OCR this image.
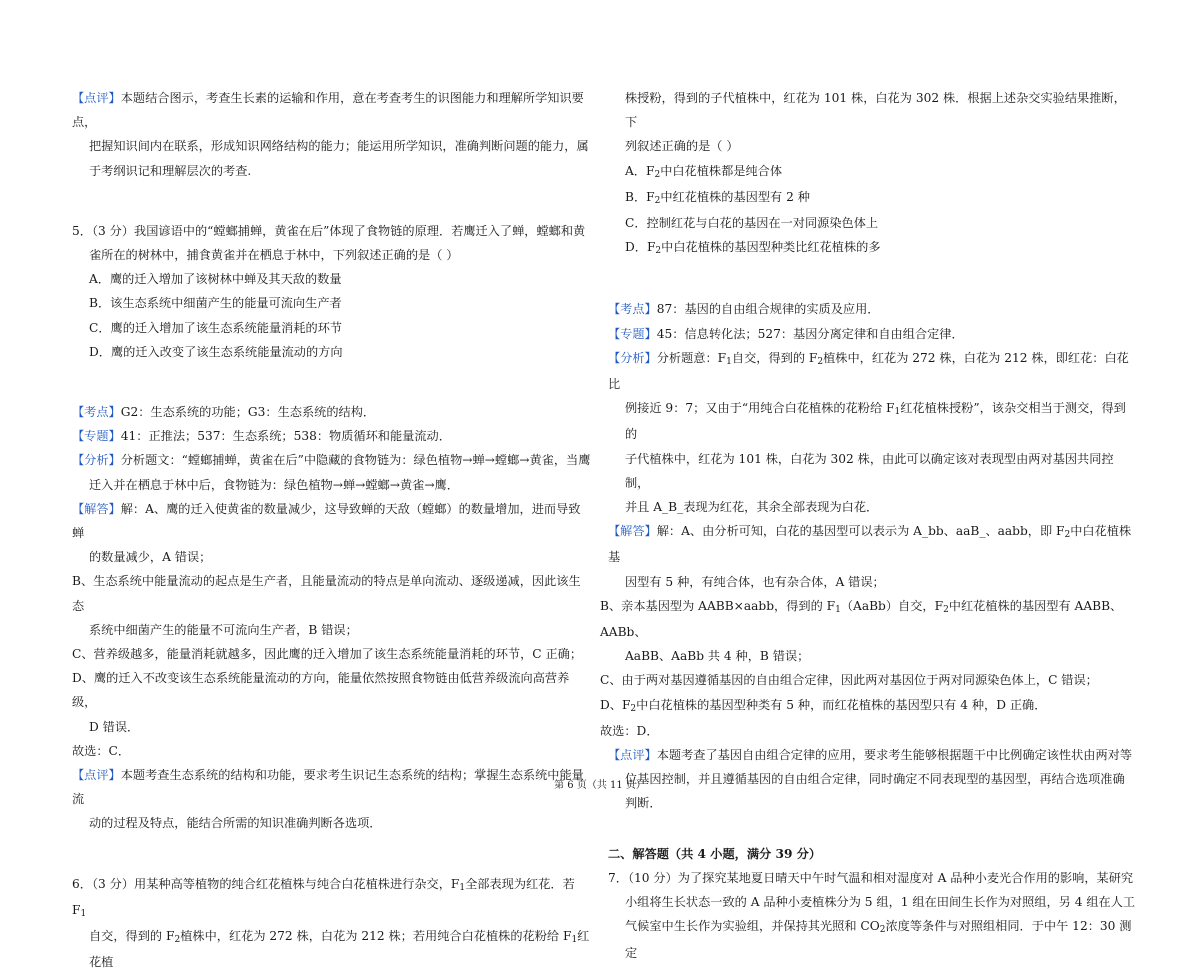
【点评】本题结合图示，考查生长素的运输和作用，意在考查考生的识图能力和理解所学知识要点，
把握知识间内在联系，形成知识网络结构的能力；能运用所学知识，准确判断问题的能力，属
于考纲识记和理解层次的考查.
5．（3 分）我国谚语中的“螳螂捕蝉，黄雀在后”体现了食物链的原理．若鹰迁入了蝉，螳螂和黄
雀所在的树林中，捕食黄雀并在栖息于林中，下列叙述正确的是（ ）
A．鹰的迁入增加了该树林中蝉及其天敌的数量
B．该生态系统中细菌产生的能量可流向生产者
C．鹰的迁入增加了该生态系统能量消耗的环节
D．鹰的迁入改变了该生态系统能量流动的方向
【考点】G2：生态系统的功能；G3：生态系统的结构．
【专题】41：正推法；537：生态系统；538：物质循环和能量流动．
【分析】分析题文：“螳螂捕蝉，黄雀在后”中隐藏的食物链为：绿色植物→蝉→螳螂→黄雀，当鹰
迁入并在栖息于林中后，食物链为：绿色植物→蝉→螳螂→黄雀→鹰．
【解答】解：A、鹰的迁入使黄雀的数量减少，这导致蝉的天敌（螳螂）的数量增加，进而导致蝉
的数量减少，A 错误；
B、生态系统中能量流动的起点是生产者，且能量流动的特点是单向流动、逐级递减，因此该生态
系统中细菌产生的能量不可流向生产者，B 错误；
C、营养级越多，能量消耗就越多，因此鹰的迁入增加了该生态系统能量消耗的环节，C 正确；
D、鹰的迁入不改变该生态系统能量流动的方向，能量依然按照食物链由低营养级流向高营养级，
D 错误．
故选：C．
【点评】本题考查生态系统的结构和功能，要求考生识记生态系统的结构；掌握生态系统中能量流
动的过程及特点，能结合所需的知识准确判断各选项．
6．（3 分）用某种高等植物的纯合红花植株与纯合白花植株进行杂交，F1全部表现为红花．若 F1
自交，得到的 F2植株中，红花为 272 株，白花为 212 株；若用纯合白花植株的花粉给 F1红花植
株授粉，得到的子代植株中，红花为 101 株，白花为 302 株．根据上述杂交实验结果推断，下
列叙述正确的是（ ）
A．F2中白花植株都是纯合体
B．F2中红花植株的基因型有 2 种
C．控制红花与白花的基因在一对同源染色体上
D．F2中白花植株的基因型种类比红花植株的多
【考点】87：基因的自由组合规律的实质及应用．
【专题】45：信息转化法；527：基因分离定律和自由组合定律．
【分析】分析题意：F1自交，得到的 F2植株中，红花为 272 株，白花为 212 株，即红花：白花比
例接近 9：7；又由于“用纯合白花植株的花粉给 F1红花植株授粉”，该杂交相当于测交，得到的
子代植株中，红花为 101 株，白花为 302 株，由此可以确定该对表现型由两对基因共同控制，
并且 A_B_表现为红花，其余全部表现为白花．
【解答】解：A、由分析可知，白花的基因型可以表示为 A_bb、aaB_、aabb，即 F2中白花植株基
因型有 5 种，有纯合体，也有杂合体，A 错误；
B、亲本基因型为 AABB×aabb，得到的 F1（AaBb）自交，F2中红花植株的基因型有 AABB、AABb、
AaBB、AaBb 共 4 种，B 错误；
C、由于两对基因遵循基因的自由组合定律，因此两对基因位于两对同源染色体上，C 错误；
D、F2中白花植株的基因型种类有 5 种，而红花植株的基因型只有 4 种，D 正确．
故选：D．
【点评】本题考查了基因自由组合定律的应用，要求考生能够根据题干中比例确定该性状由两对等
位基因控制，并且遵循基因的自由组合定律，同时确定不同表现型的基因型，再结合选项准确
判断．
二、解答题（共 4 小题，满分 39 分）
7．（10 分）为了探究某地夏日晴天中午时气温和相对湿度对 A 品种小麦光合作用的影响，某研究
小组将生长状态一致的 A 品种小麦植株分为 5 组，1 组在田间生长作为对照组，另 4 组在人工
气候室中生长作为实验组，并保持其光照和 CO2浓度等条件与对照组相同．于中午 12：30 测定
第 6 页（共 11 页）
